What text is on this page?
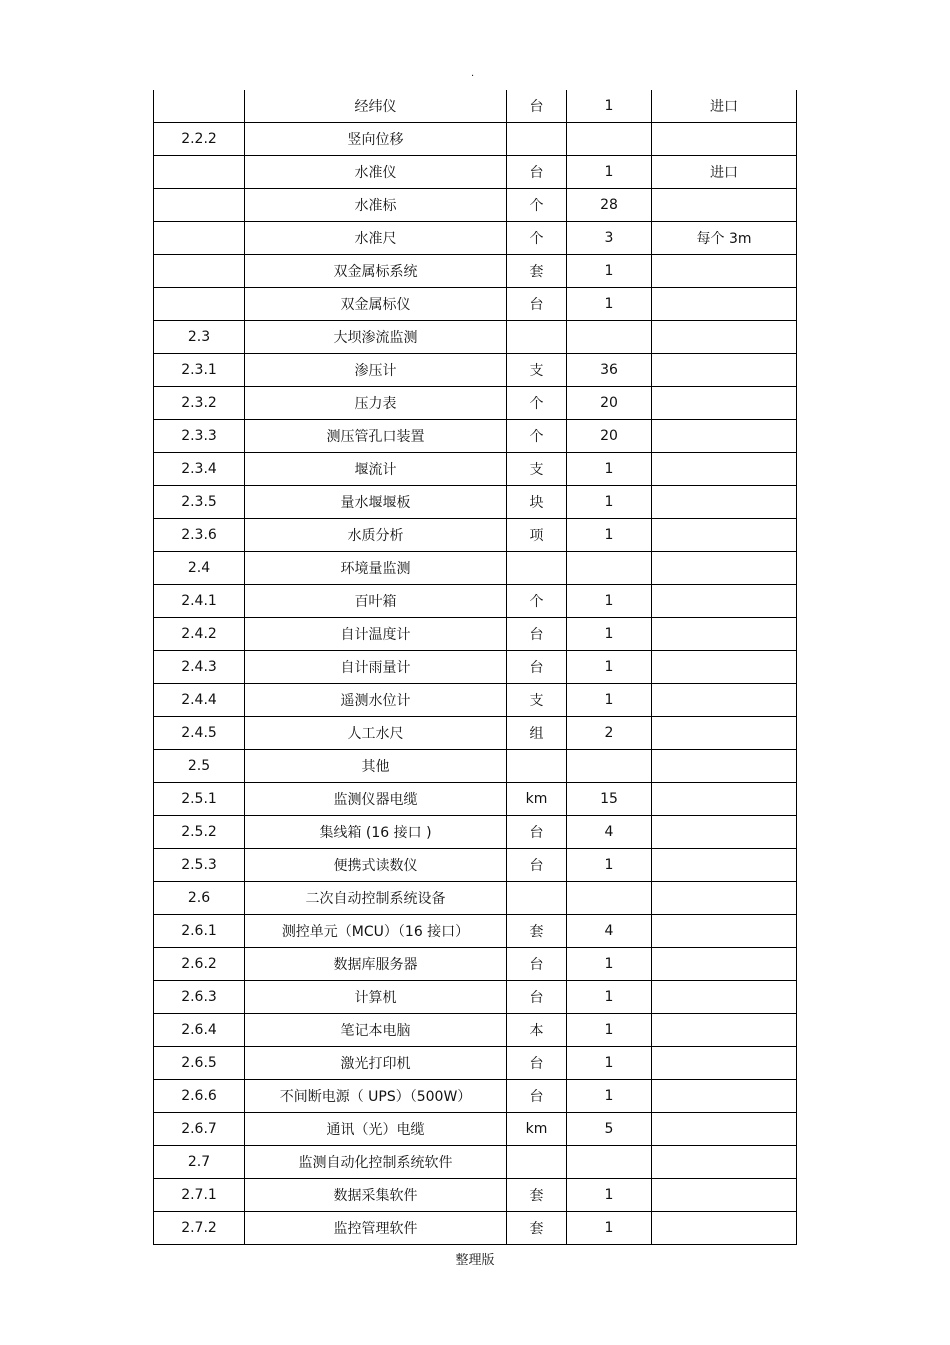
·
	经纬仪	台	1	进口
2.2.2	竖向位移			
	水准仪	台	1	进口
	水准标	个	28	
	水准尺	个	3	每个 3m
	双金属标系统	套	1	
	双金属标仪	台	1	
2.3	大坝渗流监测			
2.3.1	渗压计	支	36	
2.3.2	压力表	个	20	
2.3.3	测压管孔口装置	个	20	
2.3.4	堰流计	支	1	
2.3.5	量水堰堰板	块	1	
2.3.6	水质分析	项	1	
2.4	环境量监测			
2.4.1	百叶箱	个	1	
2.4.2	自计温度计	台	1	
2.4.3	自计雨量计	台	1	
2.4.4	遥测水位计	支	1	
2.4.5	人工水尺	组	2	
2.5	其他			
2.5.1	监测仪器电缆	km	15	
2.5.2	集线箱 (16 接口 )	台	4	
2.5.3	便携式读数仪	台	1	
2.6	二次自动控制系统设备			
2.6.1	测控单元（MCU）（16 接口）	套	4	
2.6.2	数据库服务器	台	1	
2.6.3	计算机	台	1	
2.6.4	笔记本电脑	本	1	
2.6.5	激光打印机	台	1	
2.6.6	不间断电源（ UPS）（500W）	台	1	
2.6.7	通讯（光）电缆	km	5	
2.7	监测自动化控制系统软件			
2.7.1	数据采集软件	套	1	
2.7.2	监控管理软件	套	1	
整理版
